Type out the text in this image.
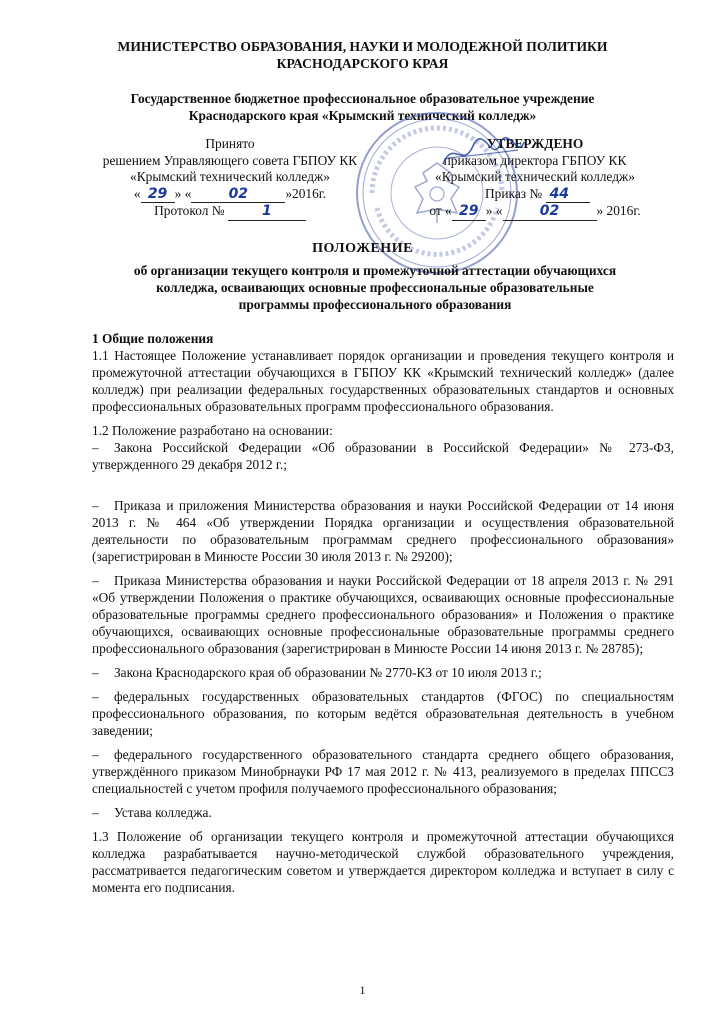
МИНИСТЕРСТВО ОБРАЗОВАНИЯ, НАУКИ И МОЛОДЕЖНОЙ ПОЛИТИКИ
КРАСНОДАРСКОГО КРАЯ
Государственное бюджетное профессиональное образовательное учреждение
Краснодарского края «Крымский технический колледж»
Принято
решением Управляющего совета ГБПОУ КК
«Крымский технический колледж»
« 29 » «	02	»2016г.
Протокол №	1
УТВЕРЖДЕНО
приказом директора ГБПОУ КК
«Крымский технический колледж»
Приказ № 44
от « 29 » «	02	» 2016г.
ПОЛОЖЕНИЕ
об организации текущего контроля и промежуточной аттестации обучающихся
колледжа, осваивающих основные профессиональные образовательные
программы профессионального образования

1 Общие положения

1.1 Настоящее Положение устанавливает порядок организации и проведения текущего контроля и промежуточной аттестации обучающихся в ГБПОУ КК «Крымский технический колледж» (далее колледж) при реализации федеральных государственных образовательных стандартов и основных профессиональных образовательных программ профессионального образования.

1.2 Положение разработано на основании:

– Закона Российской Федерации «Об образовании в Российской Федерации» № 273-ФЗ, утвержденного 29 декабря 2012 г.;

– Приказа и приложения Министерства образования и науки Российской Федерации от 14 июня 2013 г. № 464 «Об утверждении Порядка организации и осуществления образовательной деятельности по образовательным программам среднего профессионального образования» (зарегистрирован в Минюсте России 30 июля 2013 г. № 29200);

– Приказа Министерства образования и науки Российской Федерации от 18 апреля 2013 г. № 291 «Об утверждении Положения о практике обучающихся, осваивающих основные профессиональные образовательные программы среднего профессионального образования» и Положения о практике обучающихся, осваивающих основные профессиональные образовательные программы среднего профессионального образования (зарегистрирован в Минюсте России 14 июня 2013 г. № 28785);

– Закона Краснодарского края об образовании № 2770-КЗ от 10 июля 2013 г.;

– федеральных государственных образовательных стандартов (ФГОС) по специальностям профессионального образования, по которым ведётся образовательная деятельность в учебном заведении;

– федерального государственного образовательного стандарта среднего общего образования, утверждённого приказом Минобрнауки РФ 17 мая 2012 г. № 413, реализуемого в пределах ППССЗ специальностей с учетом профиля получаемого профессионального образования;

– Устава колледжа.

1.3 Положение об организации текущего контроля и промежуточной аттестации обучающихся колледжа разрабатывается научно-методической службой образовательного учреждения, рассматривается педагогическим советом и утверждается директором колледжа и вступает в силу с момента его подписания.

1
